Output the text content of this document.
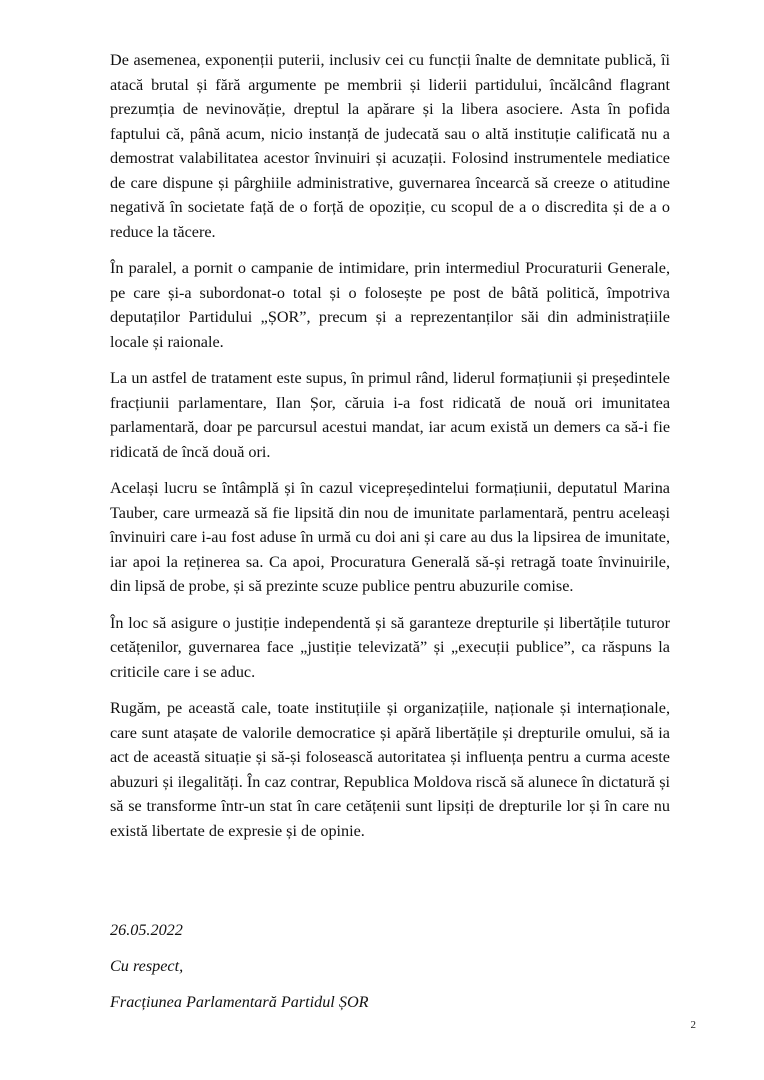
De asemenea, exponenții puterii, inclusiv cei cu funcții înalte de demnitate publică, îi atacă brutal și fără argumente pe membrii și liderii partidului, încălcând flagrant prezumția de nevinovăție, dreptul la apărare și la libera asociere. Asta în pofida faptului că, până acum, nicio instanță de judecată sau o altă instituție calificată nu a demostrat valabilitatea acestor învinuiri și acuzații. Folosind instrumentele mediatice de care dispune și pârghiile administrative, guvernarea încearcă să creeze o atitudine negativă în societate față de o forță de opoziție, cu scopul de a o discredita și de a o reduce la tăcere.

În paralel, a pornit o campanie de intimidare, prin intermediul Procuraturii Generale, pe care și-a subordonat-o total și o folosește pe post de bâtă politică, împotriva deputaților Partidului „ȘOR”, precum și a reprezentanților săi din administrațiile locale și raionale.

La un astfel de tratament este supus, în primul rând, liderul formațiunii și președintele fracțiunii parlamentare, Ilan Șor, căruia i-a fost ridicată de nouă ori imunitatea parlamentară, doar pe parcursul acestui mandat, iar acum există un demers ca să-i fie ridicată de încă două ori.

Același lucru se întâmplă și în cazul vicepreședintelui formațiunii, deputatul Marina Tauber, care urmează să fie lipsită din nou de imunitate parlamentară, pentru aceleași învinuiri care i-au fost aduse în urmă cu doi ani și care au dus la lipsirea de imunitate, iar apoi la reținerea sa. Ca apoi, Procuratura Generală să-și retragă toate învinuirile, din lipsă de probe, și să prezinte scuze publice pentru abuzurile comise.

În loc să asigure o justiție independentă și să garanteze drepturile și libertățile tuturor cetățenilor, guvernarea face „justiție televizată” și „execuții publice”, ca răspuns la criticile care i se aduc.

Rugăm, pe această cale, toate instituțiile și organizațiile, naționale și internaționale, care sunt atașate de valorile democratice și apără libertățile și drepturile omului, să ia act de această situație și să-și folosească autoritatea și influența pentru a curma aceste abuzuri și ilegalități. În caz contrar, Republica Moldova riscă să alunece în dictatură și să se transforme într-un stat în care cetățenii sunt lipsiți de drepturile lor și în care nu există libertate de expresie și de opinie.

26.05.2022

Cu respect,

Fracțiunea Parlamentară Partidul ȘOR

2
